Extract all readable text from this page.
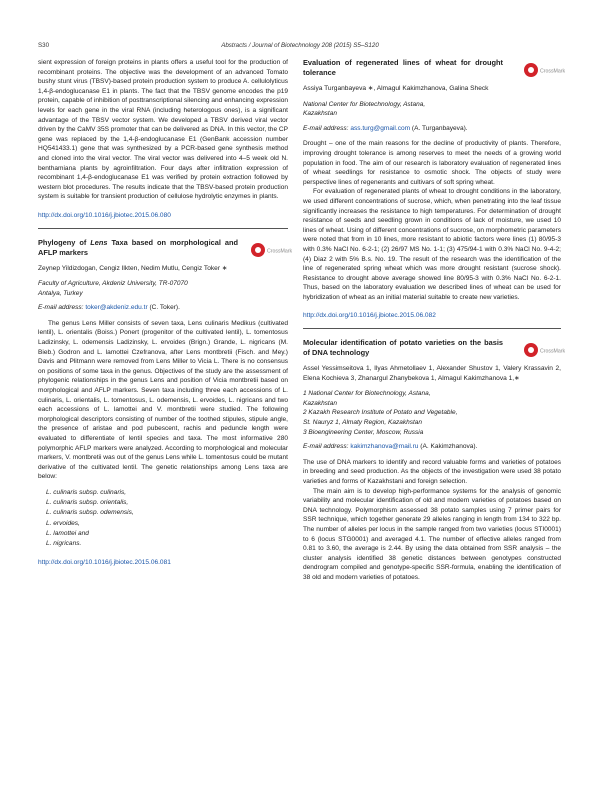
S30	Abstracts / Journal of Biotechnology 208 (2015) S5–S120

sient expression of foreign proteins in plants offers a useful tool for the production of recombinant proteins. The objective was the development of an advanced Tomato bushy stunt virus (TBSV)-based protein production system to produce A. cellulolyticus 1,4-β-endoglucanase E1 in plants. The fact that the TBSV genome encodes the p19 protein, capable of inhibition of posttranscriptional silencing and enhancing expression levels for each gene in the viral RNA (including heterologous ones), is a significant advantage of the TBSV vector system. We developed a TBSV derived viral vector driven by the CaMV 35S promoter that can be delivered as DNA. In this vector, the CP gene was replaced by the 1,4-β-endoglucanase E1 (GenBank accession number HQ541433.1) gene that was synthesized by a PCR-based gene synthesis method and cloned into the viral vector. The viral vector was delivered into 4–5 week old N. benthamiana plants by agroinfiltration. Four days after infiltration expression of recombinant 1,4-β-endoglucanase E1 was verified by protein extraction followed by western blot procedures. The results indicate that the TBSV-based protein production system is suitable for transient production of cellulose hydrolytic enzymes in plants.

http://dx.doi.org/10.1016/j.jbiotec.2015.06.080

Phylogeny of Lens Taxa based on morphological and AFLP markers	CrossMark

Zeynep Yildizdogan, Cengiz Ilkten, Nedim Mutlu, Cengiz Toker ∗

Faculty of Agriculture, Akdeniz University, TR-07070

Antalya, Turkey

E-mail address: toker@akdeniz.edu.tr (C. Toker).

The genus Lens Miller consists of seven taxa, Lens culinaris Medikus (cultivated lentil), L. orientalis (Boiss.) Ponert (progenitor of the cultivated lentil), L. tomentosus Ladizinsky, L. odemensis Ladizinsky, L. ervoides (Brign.) Grande, L. nigricans (M. Bieb.) Godron and L. lamottei Czefranova, after Lens montbretii (Fisch. and Mey.) Davis and Plitmann were removed from Lens Miller to Vicia L. There is no consensus on positions of some taxa in the genus. Objectives of the study are the assessment of phylogenic relationships in the genus Lens and position of Vicia montbretii based on morphological and AFLP markers. Seven taxa including three each accessions of L. culinaris, L. orientalis, L. tomentosus, L. odemensis, L. ervoides, L. nigricans and two each accessions of L. lamottei and V. montbretii were studied. The following morphological descriptors consisting of number of the toothed stipules, stipule angle, the presence of aristae and pod pubescent, rachis and peduncle length were evaluated to differentiate of lentil species and taxa. The most informative 280 polymorphic AFLP markers were analyzed. According to morphological and molecular markers, V. montbretii was out of the genus Lens while L. tomentosus could be mutant derivative of the cultivated lentil. The genetic relationships among Lens taxa are below:

L. culinaris subsp. culinaris,
L. culinaris subsp. orientalis,
L. culinaris subsp. odemensis,
L. ervoides,
L. lamottei and
L. nigricans.

http://dx.doi.org/10.1016/j.jbiotec.2015.06.081

Evaluation of regenerated lines of wheat for drought tolerance	CrossMark

Assiya Turganbayeva ∗, Almagul Kakimzhanova, Galina Sheck

National Center for Biotechnology, Astana,

Kazakhstan

E-mail address: ass.turg@gmail.com (A. Turganbayeva).

Drought – one of the main reasons for the decline of productivity of plants. Therefore, improving drought tolerance is among reserves to meet the needs of a growing world population in food. The aim of our research is laboratory evaluation of regenerated lines of wheat seedlings for resistance to osmotic shock. The objects of study were perspective lines of regenerants and cultivars of soft spring wheat.

For evaluation of regenerated plants of wheat to drought conditions in the laboratory, we used different concentrations of sucrose, which, when penetrating into the leaf tissue significantly increases the resistance to high temperatures. For determination of drought resistance of seeds and seedling grown in conditions of lack of moisture, we used 10 lines of wheat. Using of different concentrations of sucrose, on morphometric parameters were noted that from in 10 lines, more resistant to abiotic factors were lines (1) 80/95-3 with 0.3% NaCl No. 6-2-1; (2) 26/97 MS No. 1-1; (3) 475/94-1 with 0.3% NaCl No. 9-4-2; (4) Diaz 2 with 5% B.s. No. 19. The result of the research was the identification of the line of regenerated spring wheat which was more drought resistant (sucrose shock). Resistance to drought above average showed line 80/95-3 with 0.3% NaCl No. 6-2-1. Thus, based on the laboratory evaluation we described lines of wheat can be used for hybridization of wheat as an initial material suitable to create new varieties.

http://dx.doi.org/10.1016/j.jbiotec.2015.06.082

Molecular identification of potato varieties on the basis of DNA technology	CrossMark

Assel Yessimseitova 1, Ilyas Ahmetollaev 1, Alexander Shustov 1, Valery Krassavin 2, Elena Kochieva 3, Zhanargul Zhanybekova 1, Almagul Kakimzhanova 1,∗

1 National Center for Biotechnology, Astana,

Kazakhstan

2 Kazakh Research Institute of Potato and Vegetable,

St. Nauryz 1, Almaty Region, Kazakhstan

3 Bioengineering Center, Moscow, Russia

E-mail address: kakimzhanova@mail.ru (A. Kakimzhanova).

The use of DNA markers to identify and record valuable forms and varieties of potatoes in breeding and seed production. As the objects of the investigation were used 38 potato varieties and forms of Kazakhstani and foreign selection.

The main aim is to develop high-performance systems for the analysis of genomic variability and molecular identification of old and modern varieties of potatoes based on DNA technology. Polymorphism assessed 38 potato samples using 7 primer pairs for SSR technique, which together generate 29 alleles ranging in length from 134 to 322 bp. The number of alleles per locus in the sample ranged from two varieties (locus STI0001) to 6 (locus STG0001) and averaged 4.1. The number of effective alleles ranged from 0.81 to 3.60, the average is 2.44. By using the data obtained from SSR analysis – the cluster analysis identified 38 genetic distances between genotypes constructed dendrogram compiled and genotype-specific SSR-formula, enabling the identification of 38 old and modern varieties of potatoes.
